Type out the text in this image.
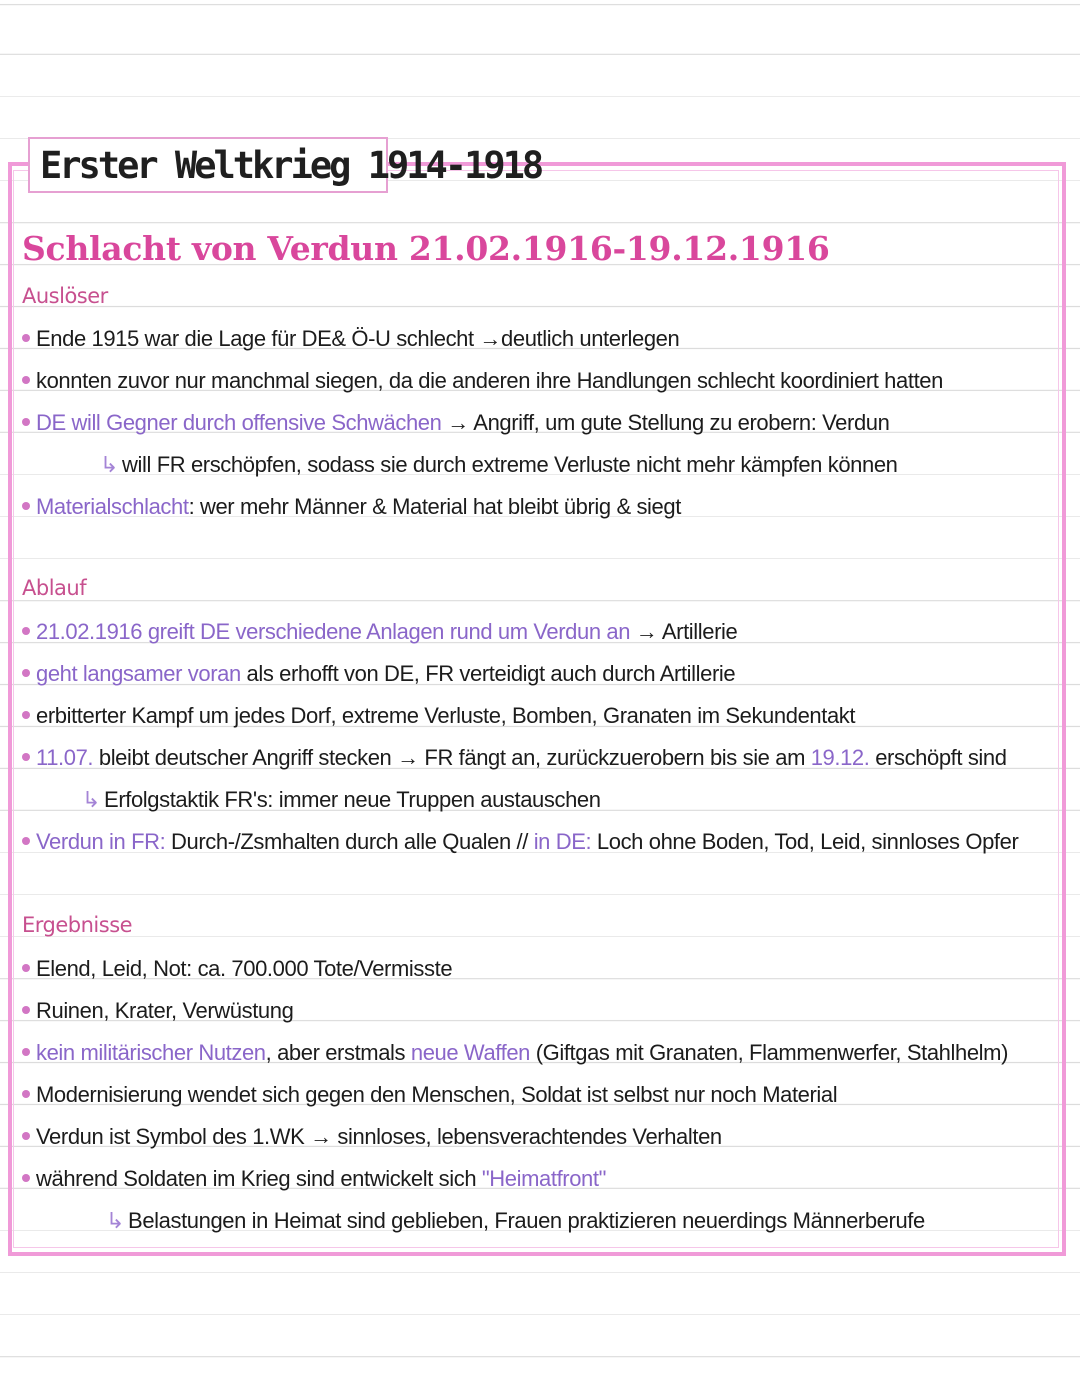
Erster Weltkrieg 1914-1918
Schlacht von Verdun 21.02.1916-19.12.1916
Auslöser
Ende 1915 war die Lage für DE& Ö-U schlecht →deutlich unterlegen
konnten zuvor nur manchmal siegen, da die anderen ihre Handlungen schlecht koordiniert hatten
DE will Gegner durch offensive Schwächen → Angriff, um gute Stellung zu erobern: Verdun
↳ will FR erschöpfen, sodass sie durch extreme Verluste nicht mehr kämpfen können
Materialschlacht: wer mehr Männer & Material hat bleibt übrig & siegt
Ablauf
21.02.1916 greift DE verschiedene Anlagen rund um Verdun an → Artillerie
geht langsamer voran als erhofft von DE, FR verteidigt auch durch Artillerie
erbitterter Kampf um jedes Dorf, extreme Verluste, Bomben, Granaten im Sekundentakt
11.07. bleibt deutscher Angriff stecken → FR fängt an, zurückzuerobern bis sie am 19.12. erschöpft sind
↳ Erfolgstaktik FR's: immer neue Truppen austauschen
Verdun in FR: Durch-/Zsmhalten durch alle Qualen // in DE: Loch ohne Boden, Tod, Leid, sinnloses Opfer
Ergebnisse
Elend, Leid, Not: ca. 700.000 Tote/Vermisste
Ruinen, Krater, Verwüstung
kein militärischer Nutzen, aber erstmals neue Waffen (Giftgas mit Granaten, Flammenwerfer, Stahlhelm)
Modernisierung wendet sich gegen den Menschen, Soldat ist selbst nur noch Material
Verdun ist Symbol des 1.WK → sinnloses, lebensverachtendes Verhalten
während Soldaten im Krieg sind entwickelt sich "Heimatfront"
↳ Belastungen in Heimat sind geblieben, Frauen praktizieren neuerdings Männerberufe
